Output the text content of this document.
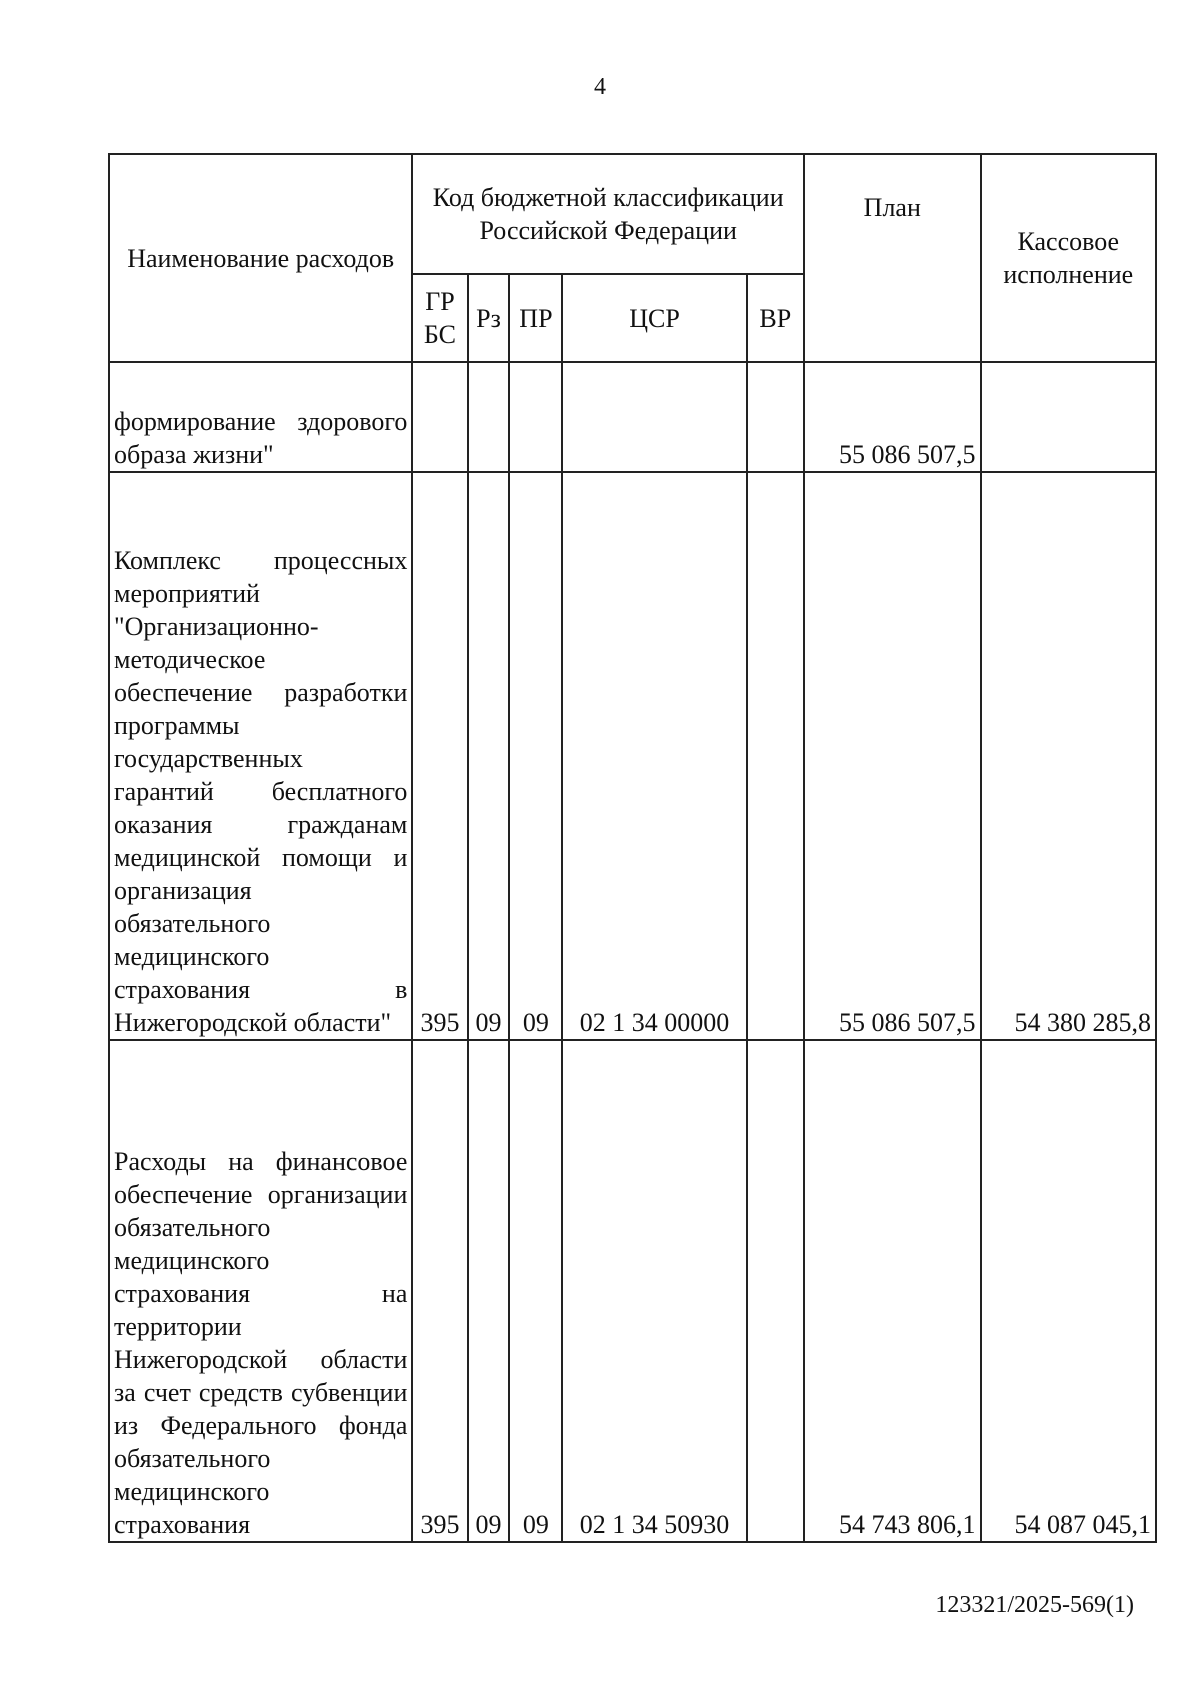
4
Наименование расходов	Код бюджетной классификации Российской Федерации					План	Кассовое исполнение
	ГР БС	Рз	ПР	ЦСР	ВР		
формирование здорового образа жизни"						55 086 507,5	
Комплекс процессных мероприятий "Организационно-методическое обеспечение разработки программы государственных гарантий бесплатного оказания гражданам медицинской помощи и организация обязательного медицинского страхования в Нижегородской области"	395	09	09	02 1 34 00000		55 086 507,5	54 380 285,8
Расходы на финансовое обеспечение организации обязательного медицинского страхования на территории Нижегородской области за счет средств субвенции из Федерального фонда обязательного медицинского страхования	395	09	09	02 1 34 50930		54 743 806,1	54 087 045,1
123321/2025-569(1)
